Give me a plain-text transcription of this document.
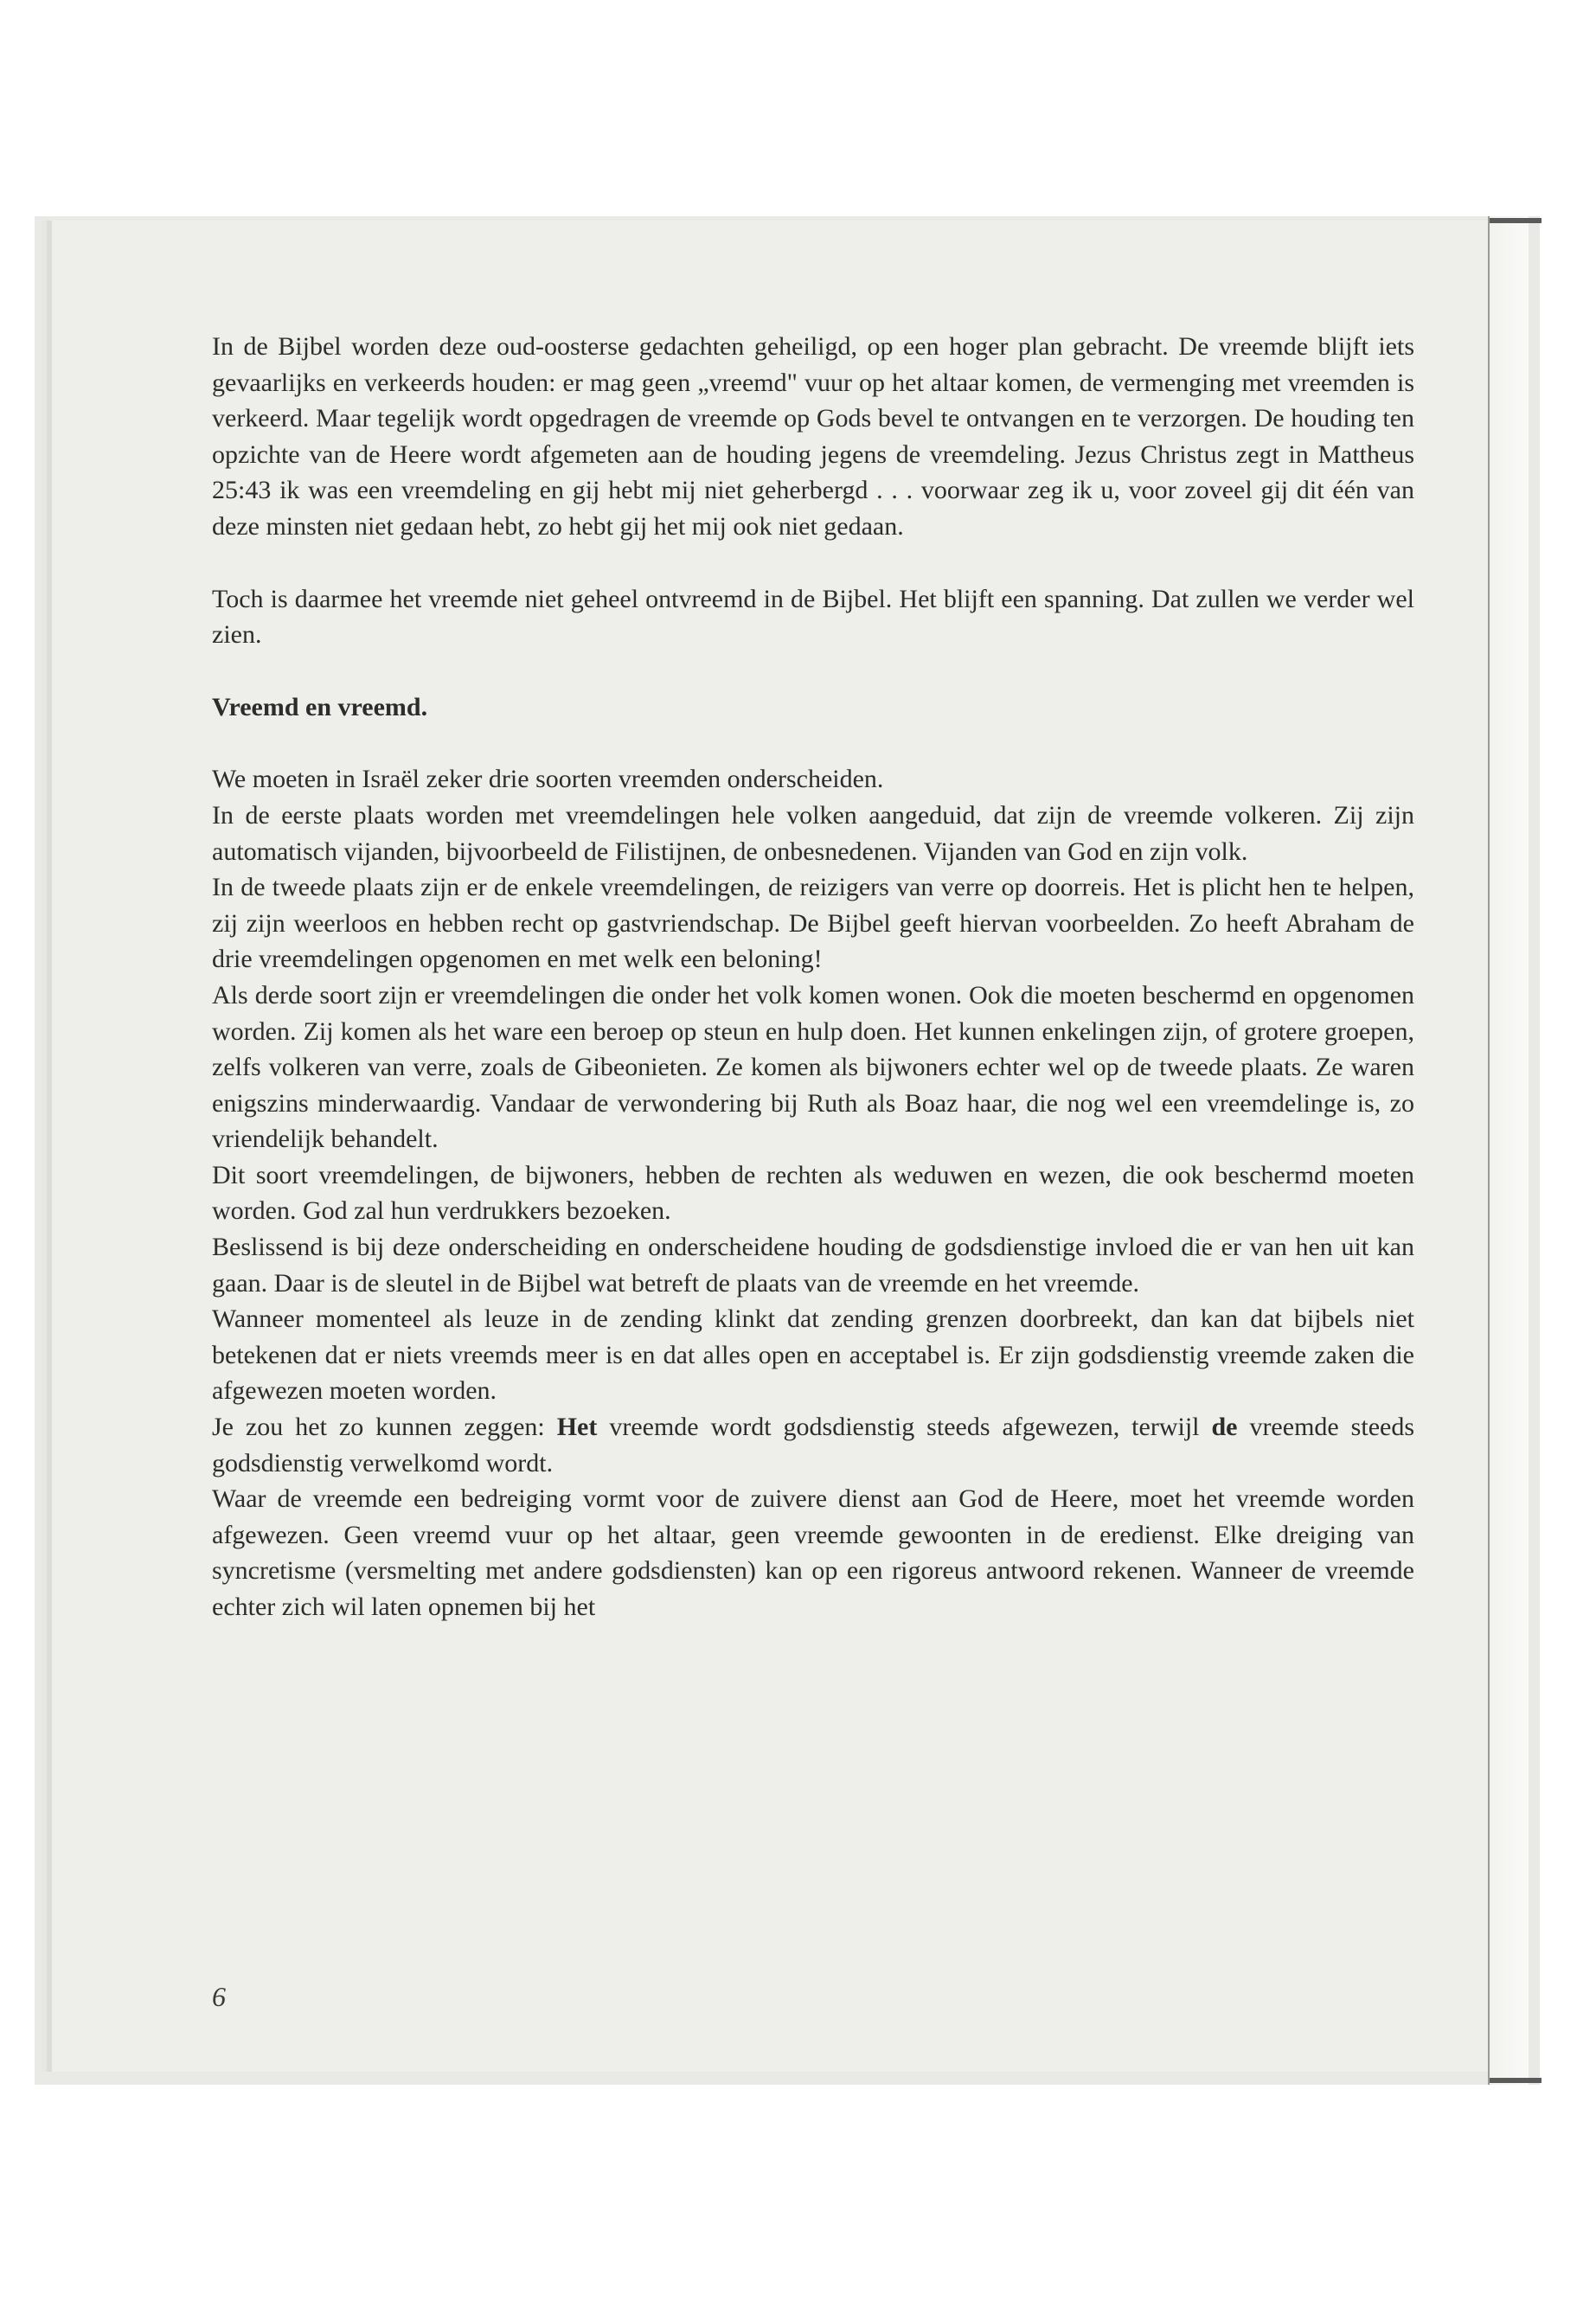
In de Bijbel worden deze oud-oosterse gedachten geheiligd, op een hoger plan gebracht. De vreemde blijft iets gevaarlijks en verkeerds houden: er mag geen „vreemd" vuur op het altaar komen, de vermenging met vreemden is verkeerd. Maar tegelijk wordt opgedragen de vreemde op Gods bevel te ontvangen en te verzorgen. De houding ten opzichte van de Heere wordt afgemeten aan de houding jegens de vreemdeling. Jezus Christus zegt in Mattheus 25:43 ik was een vreemdeling en gij hebt mij niet geherbergd . . . voorwaar zeg ik u, voor zoveel gij dit één van deze minsten niet gedaan hebt, zo hebt gij het mij ook niet gedaan.

Toch is daarmee het vreemde niet geheel ontvreemd in de Bijbel. Het blijft een spanning. Dat zullen we verder wel zien.

Vreemd en vreemd.

We moeten in Israël zeker drie soorten vreemden onderscheiden.

In de eerste plaats worden met vreemdelingen hele volken aangeduid, dat zijn de vreemde volkeren. Zij zijn automatisch vijanden, bijvoorbeeld de Filistijnen, de onbesnedenen. Vijanden van God en zijn volk.

In de tweede plaats zijn er de enkele vreemdelingen, de reizigers van verre op doorreis. Het is plicht hen te helpen, zij zijn weerloos en hebben recht op gastvriendschap. De Bijbel geeft hiervan voorbeelden. Zo heeft Abraham de drie vreemdelingen opgenomen en met welk een beloning!

Als derde soort zijn er vreemdelingen die onder het volk komen wonen. Ook die moeten beschermd en opgenomen worden. Zij komen als het ware een beroep op steun en hulp doen. Het kunnen enkelingen zijn, of grotere groepen, zelfs volkeren van verre, zoals de Gibeonieten. Ze komen als bijwoners echter wel op de tweede plaats. Ze waren enigszins minderwaardig. Vandaar de verwondering bij Ruth als Boaz haar, die nog wel een vreemdelinge is, zo vriendelijk behandelt.

Dit soort vreemdelingen, de bijwoners, hebben de rechten als weduwen en wezen, die ook beschermd moeten worden. God zal hun verdrukkers bezoeken.

Beslissend is bij deze onderscheiding en onderscheidene houding de godsdienstige invloed die er van hen uit kan gaan. Daar is de sleutel in de Bijbel wat betreft de plaats van de vreemde en het vreemde.

Wanneer momenteel als leuze in de zending klinkt dat zending grenzen doorbreekt, dan kan dat bijbels niet betekenen dat er niets vreemds meer is en dat alles open en acceptabel is. Er zijn godsdienstig vreemde zaken die afgewezen moeten worden.

Je zou het zo kunnen zeggen: Het vreemde wordt godsdienstig steeds afgewezen, terwijl de vreemde steeds godsdienstig verwelkomd wordt.

Waar de vreemde een bedreiging vormt voor de zuivere dienst aan God de Heere, moet het vreemde worden afgewezen. Geen vreemd vuur op het altaar, geen vreemde gewoonten in de eredienst. Elke dreiging van syncretisme (versmelting met andere godsdiensten) kan op een rigoreus antwoord rekenen. Wanneer de vreemde echter zich wil laten opnemen bij het

6
